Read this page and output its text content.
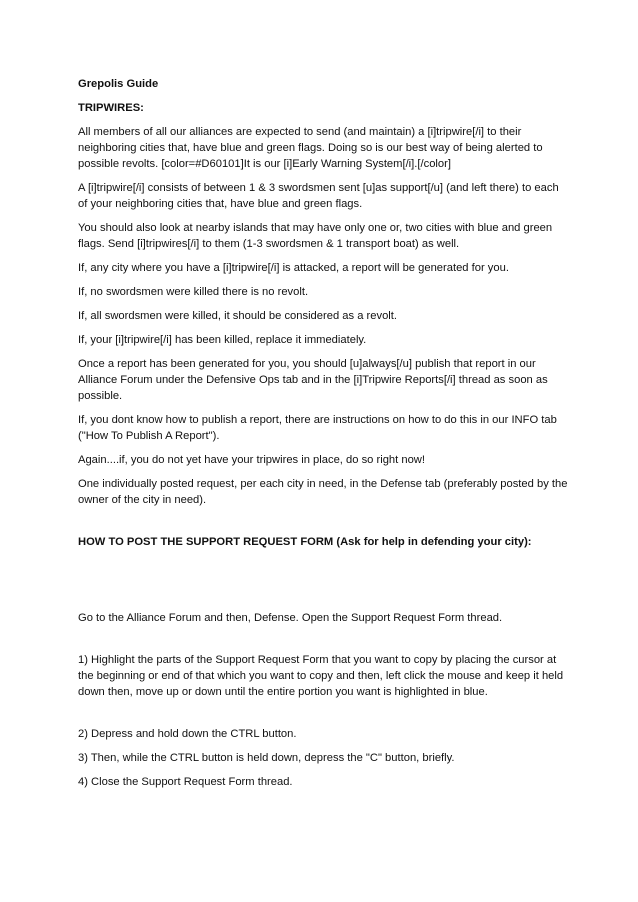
Grepolis Guide

TRIPWIRES:

All members of all our alliances are expected to send (and maintain) a [i]tripwire[/i] to their neighboring cities that, have blue and green flags. Doing so is our best way of being alerted to possible revolts. [color=#D60101]It is our [i]Early Warning System[/i].[/color]

A [i]tripwire[/i] consists of between 1 & 3 swordsmen sent [u]as support[/u] (and left there) to each of your neighboring cities that, have blue and green flags.

You should also look at nearby islands that may have only one or, two cities with blue and green flags. Send [i]tripwires[/i] to them (1-3 swordsmen & 1 transport boat) as well.

If, any city where you have a [i]tripwire[/i] is attacked, a report will be generated for you.

If, no swordsmen were killed there is no revolt.

If, all swordsmen were killed, it should be considered as a revolt.

If, your [i]tripwire[/i] has been killed, replace it immediately.

Once a report has been generated for you, you should [u]always[/u] publish that report in our Alliance Forum under the Defensive Ops tab and in the [i]Tripwire Reports[/i] thread as soon as possible.

If, you dont know how to publish a report, there are instructions on how to do this in our INFO tab ("How To Publish A Report").

Again....if, you do not yet have your tripwires in place, do so right now!

One individually posted request, per each city in need, in the Defense tab (preferably posted by the owner of the city in need).

HOW TO POST THE SUPPORT REQUEST FORM (Ask for help in defending your city):

Go to the Alliance Forum and then, Defense. Open the Support Request Form thread.

1) Highlight the parts of the Support Request Form that you want to copy by placing the cursor at the beginning or end of that which you want to copy and then, left click the mouse and keep it held down then, move up or down until the entire portion you want is highlighted in blue.

2) Depress and hold down the CTRL button.

3) Then, while the CTRL button is held down, depress the "C" button, briefly.

4) Close the Support Request Form thread.
